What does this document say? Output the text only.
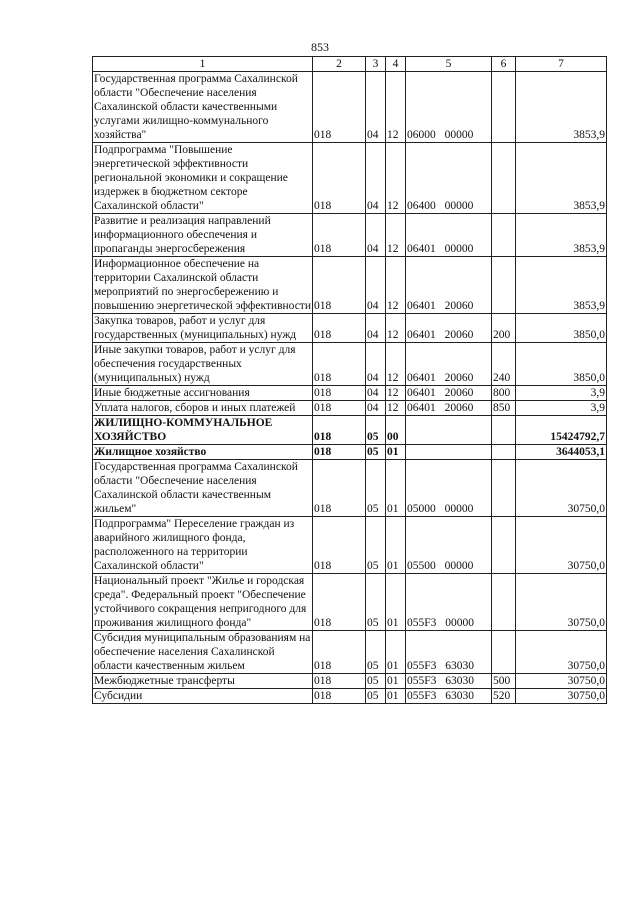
853
1	2	3	4	5	6	7
Государственная программа Сахалинской области "Обеспечение населения Сахалинской области качественными услугами жилищно-коммунального хозяйства"	018	04	12	06000 00000		3853,9
Подпрограмма "Повышение энергетической эффективности региональной экономики и сокращение издержек в бюджетном секторе Сахалинской области"	018	04	12	06400 00000		3853,9
Развитие и реализация направлений информационного обеспечения и пропаганды энергосбережения	018	04	12	06401 00000		3853,9
Информационное обеспечение на территории Сахалинской области мероприятий по энергосбережению и повышению энергетической эффективности	018	04	12	06401 20060		3853,9
Закупка товаров, работ и услуг для государственных (муниципальных) нужд	018	04	12	06401 20060	200	3850,0
Иные закупки товаров, работ и услуг для обеспечения государственных (муниципальных) нужд	018	04	12	06401 20060	240	3850,0
Иные бюджетные ассигнования	018	04	12	06401 20060	800	3,9
Уплата налогов, сборов и иных платежей	018	04	12	06401 20060	850	3,9
ЖИЛИЩНО-КОММУНАЛЬНОЕ ХОЗЯЙСТВО	018	05	00			15424792,7
Жилищное хозяйство	018	05	01			3644053,1
Государственная программа Сахалинской области "Обеспечение населения Сахалинской области качественным жильем"	018	05	01	05000 00000		30750,0
Подпрограмма" Переселение граждан из аварийного жилищного фонда, расположенного на территории Сахалинской области"	018	05	01	05500 00000		30750,0
Национальный проект "Жилье и городская среда". Федеральный проект "Обеспечение устойчивого сокращения непригодного для проживания жилищного фонда"	018	05	01	055F3 00000		30750,0
Субсидия муниципальным образованиям на обеспечение населения Сахалинской области качественным жильем	018	05	01	055F3 63030		30750,0
Межбюджетные трансферты	018	05	01	055F3 63030	500	30750,0
Субсидии	018	05	01	055F3 63030	520	30750,0
